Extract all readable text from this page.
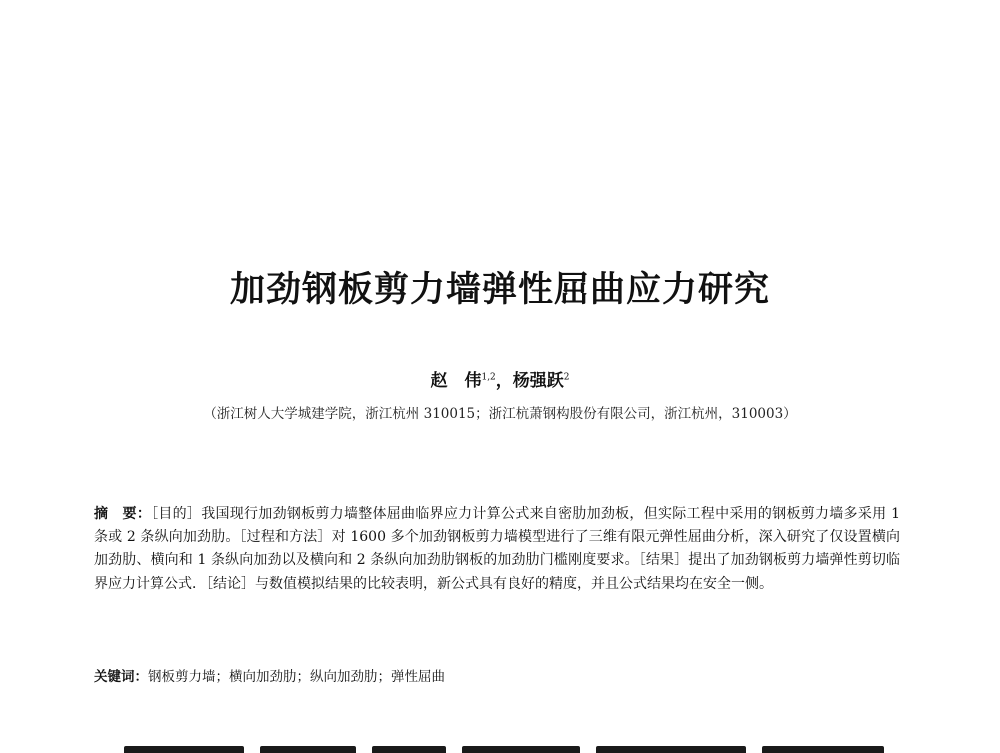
加劲钢板剪力墙弹性屈曲应力研究
赵　伟$^{1,2}$，杨强跃$^2$
（浙江树人大学城建学院，浙江杭州 310015；浙江杭萧钢构股份有限公司，浙江杭州，310003）
摘　要：［目的］我国现行加劲钢板剪力墙整体屈曲临界应力计算公式来自密肋加劲板，但实际工程中采用的钢板剪力墙多采用 1 条或 2 条纵向加劲肋。［过程和方法］对 1600 多个加劲钢板剪力墙模型进行了三维有限元弹性屈曲分析，深入研究了仅设置横向加劲肋、横向和 1 条纵向加劲以及横向和 2 条纵向加劲肋钢板的加劲肋门槛刚度要求。［结果］提出了加劲钢板剪力墙弹性剪切临界应力计算公式．［结论］与数值模拟结果的比较表明，新公式具有良好的精度，并且公式结果均在安全一侧。
关键词：钢板剪力墙；横向加劲肋；纵向加劲肋；弹性屈曲
